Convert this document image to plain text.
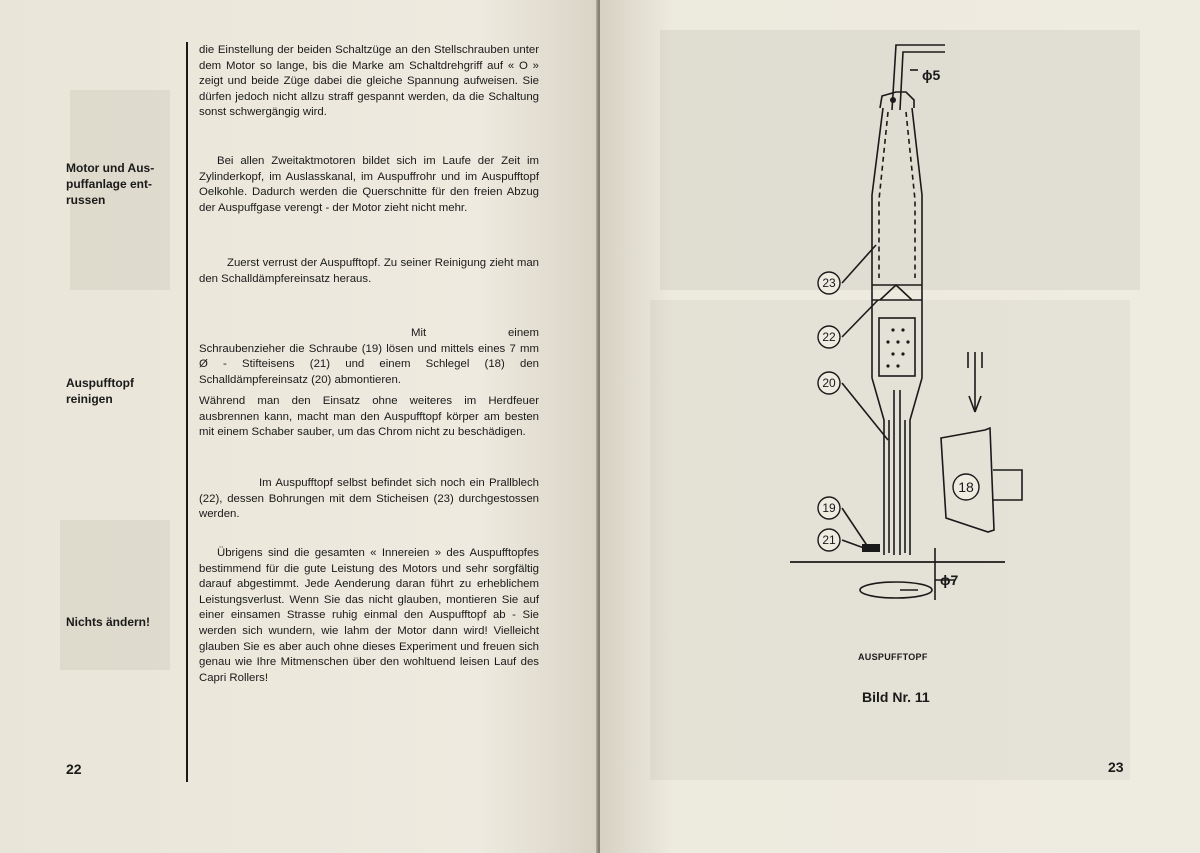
Motor und Aus-
puffanlage ent-
russen
Auspufftopf
reinigen
Nichts ändern!

die Einstellung der beiden Schaltzüge an den Stellschrauben unter dem Motor so lange, bis die Marke am Schaltdrehgriff auf « O » zeigt und beide Züge dabei die gleiche Spannung aufweisen. Sie dürfen jedoch nicht allzu straff gespannt werden, da die Schaltung sonst schwergängig wird.

Bei allen Zweitaktmotoren bildet sich im Laufe der Zeit im Zylinderkopf, im Auslasskanal, im Auspuffrohr und im Auspufftopf Oelkohle. Dadurch werden die Querschnitte für den freien Abzug der Auspuffgase verengt - der Motor zieht nicht mehr.

Zuerst verrust der Auspufftopf. Zu seiner Reinigung zieht man den Schalldämpfereinsatz heraus.

Mit einem Schraubenzieher die Schraube (19) lösen und mittels eines 7 mm Ø - Stifteisens (21) und einem Schlegel (18) den Schalldämpfereinsatz (20) abmontieren.

Während man den Einsatz ohne weiteres im Herdfeuer ausbrennen kann, macht man den Auspufftopf körper am besten mit einem Schaber sauber, um das Chrom nicht zu beschädigen.

Im Auspufftopf selbst befindet sich noch ein Prallblech (22), dessen Bohrungen mit dem Sticheisen (23) durchgestossen werden.

Übrigens sind die gesamten « Innereien » des Auspufftopfes bestimmend für die gute Leistung des Motors und sehr sorgfältig darauf abgestimmt. Jede Aenderung daran führt zu erheblichem Leistungsverlust. Wenn Sie das nicht glauben, montieren Sie auf einer einsamen Strasse ruhig einmal den Auspufftopf ab - Sie werden sich wundern, wie lahm der Motor dann wird! Vielleicht glauben Sie es aber auch ohne dieses Experiment und freuen sich genau wie Ihre Mitmenschen über den wohltuend leisen Lauf des Capri Rollers!

22
23
22
20
19
21
18
ϕ5
ϕ7
AUSPUFFTOPF
Bild Nr. 11
23
